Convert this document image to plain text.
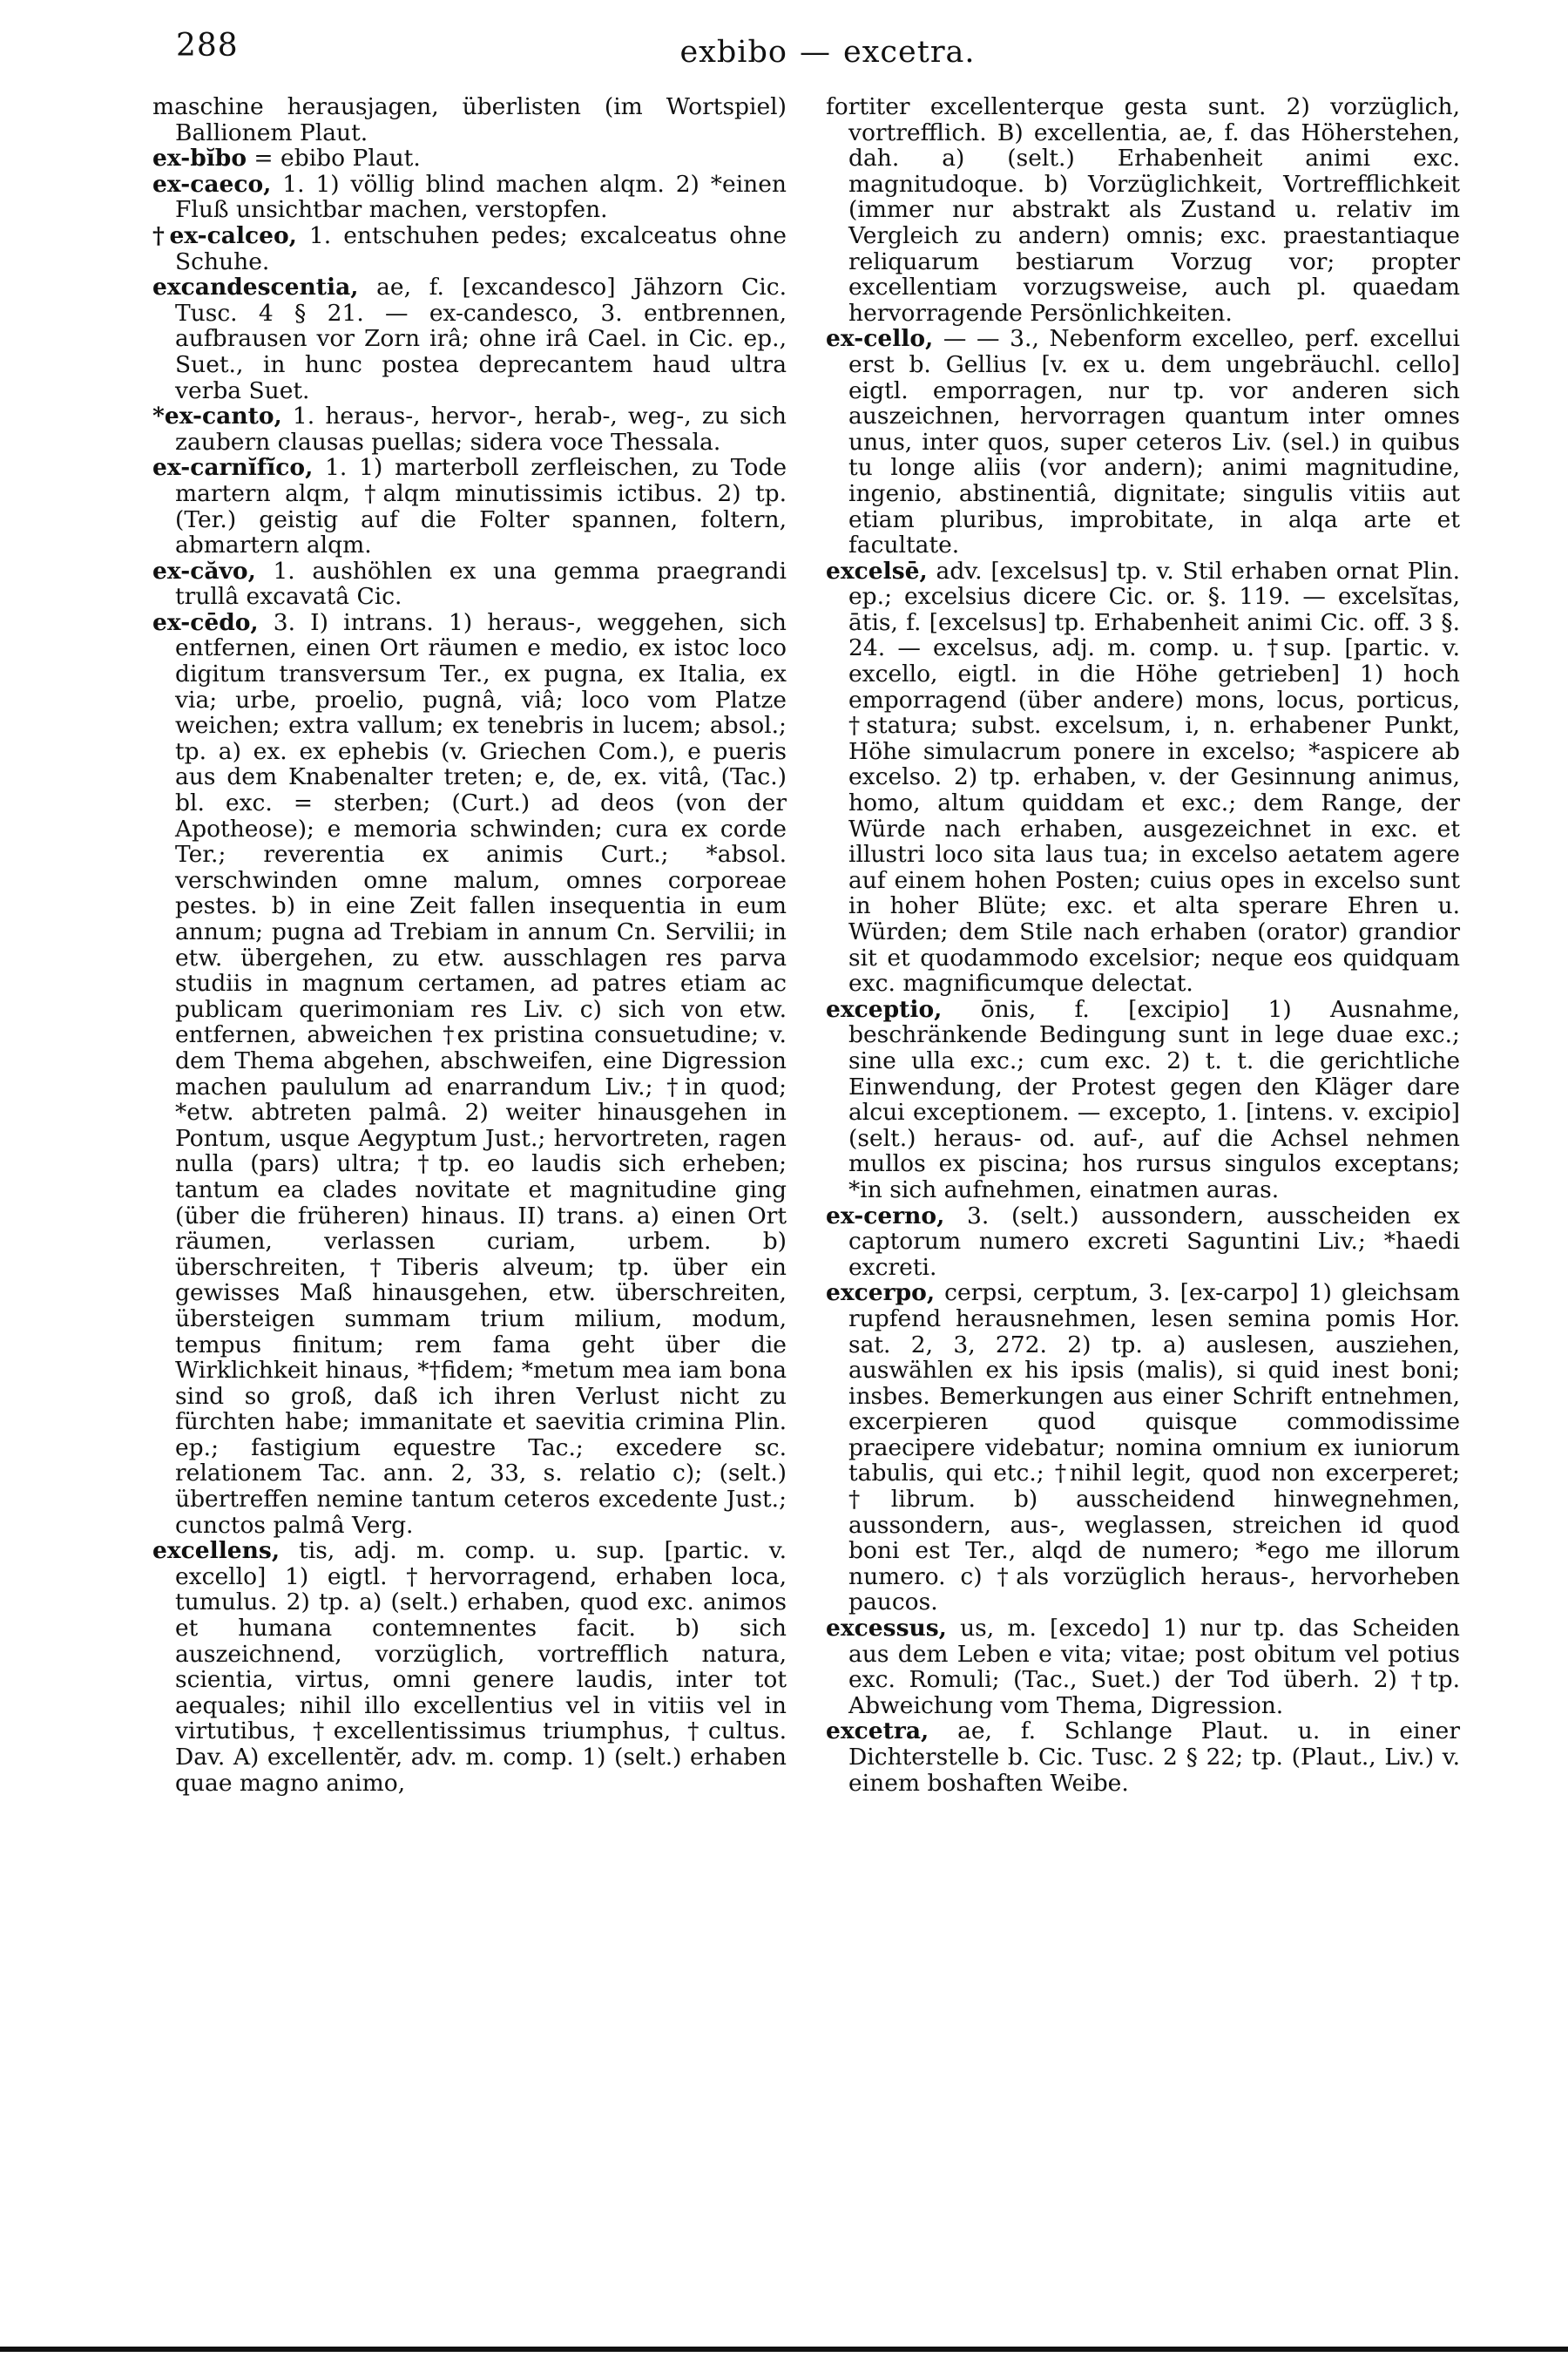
288	exbibo — excetra.

maschine herausjagen, überlisten (im Wortspiel) Ballionem Plaut.

ex-bĭbo = ebibo Plaut.

ex-caeco, 1. 1) völlig blind machen alqm. 2) *einen Fluß unsichtbar machen, verstopfen.

†ex-calceo, 1. entschuhen pedes; excalceatus ohne Schuhe.

excandescentia, ae, f. [excandesco] Jähzorn Cic. Tusc. 4 § 21. — ex-candesco, 3. entbrennen, aufbrausen vor Zorn irâ; ohne irâ Cael. in Cic. ep., Suet., in hunc postea deprecantem haud ultra verba Suet.

*ex-canto, 1. heraus-, hervor-, herab-, weg-, zu sich zaubern clausas puellas; sidera voce Thessala.

ex-carnĭfĭco, 1. 1) marterboll zerfleischen, zu Tode martern alqm, †alqm minutissimis ictibus. 2) tp. (Ter.) geistig auf die Folter spannen, foltern, abmartern alqm.

ex-căvo, 1. aushöhlen ex una gemma praegrandi trullâ excavatâ Cic.

ex-cēdo, 3. I) intrans. 1) heraus-, weggehen, sich entfernen, einen Ort räumen e medio, ex istoc loco digitum transversum Ter., ex pugna, ex Italia, ex via; urbe, proelio, pugnâ, viâ; loco vom Platze weichen; extra vallum; ex tenebris in lucem; absol.; tp. a) ex. ex ephebis (v. Griechen Com.), e pueris aus dem Knabenalter treten; e, de, ex. vitâ, (Tac.) bl. exc. = sterben; (Curt.) ad deos (von der Apotheose); e memoria schwinden; cura ex corde Ter.; reverentia ex animis Curt.; *absol. verschwinden omne malum, omnes corporeae pestes. b) in eine Zeit fallen insequentia in eum annum; pugna ad Trebiam in annum Cn. Servilii; in etw. übergehen, zu etw. ausschlagen res parva studiis in magnum certamen, ad patres etiam ac publicam querimoniam res Liv. c) sich von etw. entfernen, abweichen †ex pristina consuetudine; v. dem Thema abgehen, abschweifen, eine Digression machen paululum ad enarrandum Liv.; †in quod; *etw. abtreten palmâ. 2) weiter hinausgehen in Pontum, usque Aegyptum Just.; hervortreten, ragen nulla (pars) ultra; †tp. eo laudis sich erheben; tantum ea clades novitate et magnitudine ging (über die früheren) hinaus. II) trans. a) einen Ort räumen, verlassen curiam, urbem. b) überschreiten, †Tiberis alveum; tp. über ein gewisses Maß hinausgehen, etw. überschreiten, übersteigen summam trium milium, modum, tempus finitum; rem fama geht über die Wirklichkeit hinaus, *†fidem; *metum mea iam bona sind so groß, daß ich ihren Verlust nicht zu fürchten habe; immanitate et saevitia crimina Plin. ep.; fastigium equestre Tac.; excedere sc. relationem Tac. ann. 2, 33, s. relatio c); (selt.) übertreffen nemine tantum ceteros excedente Just.; cunctos palmâ Verg.

excellens, tis, adj. m. comp. u. sup. [partic. v. excello] 1) eigtl. †hervorragend, erhaben loca, tumulus. 2) tp. a) (selt.) erhaben, quod exc. animos et humana contemnentes facit. b) sich auszeichnend, vorzüglich, vortrefflich natura, scientia, virtus, omni genere laudis, inter tot aequales; nihil illo excellentius vel in vitiis vel in virtutibus, †excellentissimus triumphus, †cultus. Dav. A) excellentĕr, adv. m. comp. 1) (selt.) erhaben quae magno animo,

fortiter excellenterque gesta sunt. 2) vorzüglich, vortrefflich. B) excellentia, ae, f. das Höherstehen, dah. a) (selt.) Erhabenheit animi exc. magnitudoque. b) Vorzüglichkeit, Vortrefflichkeit (immer nur abstrakt als Zustand u. relativ im Vergleich zu andern) omnis; exc. praestantiaque reliquarum bestiarum Vorzug vor; propter excellentiam vorzugsweise, auch pl. quaedam hervorragende Persönlichkeiten.

ex-cello, — — 3., Nebenform excelleo, perf. excellui erst b. Gellius [v. ex u. dem ungebräuchl. cello] eigtl. emporragen, nur tp. vor anderen sich auszeichnen, hervorragen quantum inter omnes unus, inter quos, super ceteros Liv. (sel.) in quibus tu longe aliis (vor andern); animi magnitudine, ingenio, abstinentiâ, dignitate; singulis vitiis aut etiam pluribus, improbitate, in alqa arte et facultate.

excelsē, adv. [excelsus] tp. v. Stil erhaben ornat Plin. ep.; excelsius dicere Cic. or. §. 119. — excelsĭtas, ātis, f. [excelsus] tp. Erhabenheit animi Cic. off. 3 §. 24. — excelsus, adj. m. comp. u. †sup. [partic. v. excello, eigtl. in die Höhe getrieben] 1) hoch emporragend (über andere) mons, locus, porticus, †statura; subst. excelsum, i, n. erhabener Punkt, Höhe simulacrum ponere in excelso; *aspicere ab excelso. 2) tp. erhaben, v. der Gesinnung animus, homo, altum quiddam et exc.; dem Range, der Würde nach erhaben, ausgezeichnet in exc. et illustri loco sita laus tua; in excelso aetatem agere auf einem hohen Posten; cuius opes in excelso sunt in hoher Blüte; exc. et alta sperare Ehren u. Würden; dem Stile nach erhaben (orator) grandior sit et quodammodo excelsior; neque eos quidquam exc. magnificumque delectat.

exceptio, ōnis, f. [excipio] 1) Ausnahme, beschränkende Bedingung sunt in lege duae exc.; sine ulla exc.; cum exc. 2) t. t. die gerichtliche Einwendung, der Protest gegen den Kläger dare alcui exceptionem. — excepto, 1. [intens. v. excipio] (selt.) heraus- od. auf-, auf die Achsel nehmen mullos ex piscina; hos rursus singulos exceptans; *in sich aufnehmen, einatmen auras.

ex-cerno, 3. (selt.) aussondern, ausscheiden ex captorum numero excreti Saguntini Liv.; *haedi excreti.

excerpo, cerpsi, cerptum, 3. [ex-carpo] 1) gleichsam rupfend herausnehmen, lesen semina pomis Hor. sat. 2, 3, 272. 2) tp. a) auslesen, ausziehen, auswählen ex his ipsis (malis), si quid inest boni; insbes. Bemerkungen aus einer Schrift entnehmen, excerpieren quod quisque commodissime praecipere videbatur; nomina omnium ex iuniorum tabulis, qui etc.; †nihil legit, quod non excerperet; †librum. b) ausscheidend hinwegnehmen, aussondern, aus-, weglassen, streichen id quod boni est Ter., alqd de numero; *ego me illorum numero. c) †als vorzüglich heraus-, hervorheben paucos.

excessus, us, m. [excedo] 1) nur tp. das Scheiden aus dem Leben e vita; vitae; post obitum vel potius exc. Romuli; (Tac., Suet.) der Tod überh. 2) †tp. Abweichung vom Thema, Digression.

excetra, ae, f. Schlange Plaut. u. in einer Dichterstelle b. Cic. Tusc. 2 § 22; tp. (Plaut., Liv.) v. einem boshaften Weibe.
